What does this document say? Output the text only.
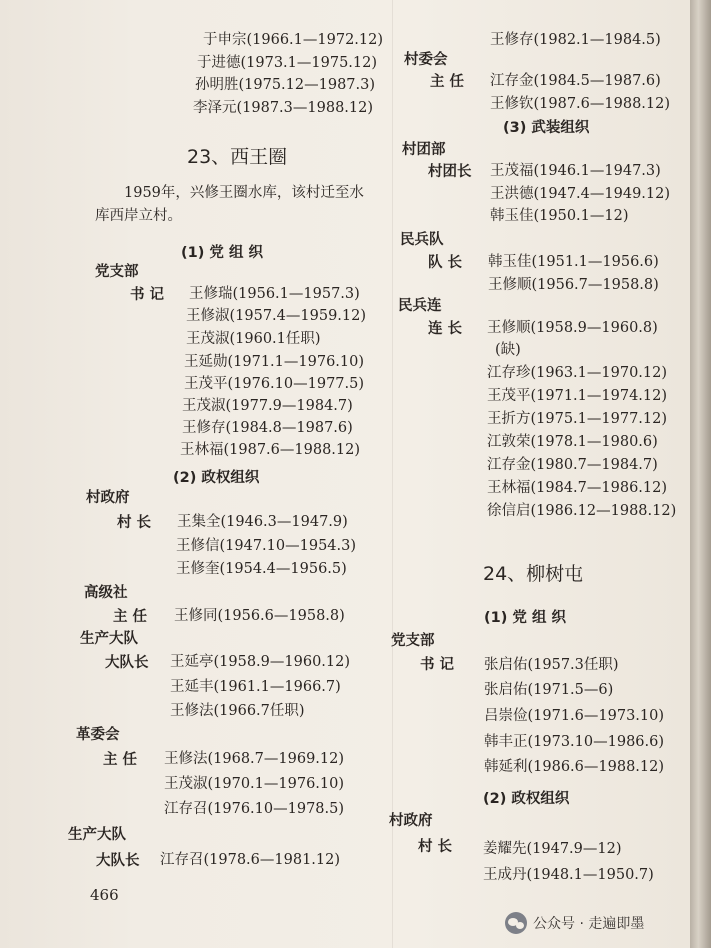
于申宗(1966.1—1972.12)
于进德(1973.1—1975.12)
孙明胜(1975.12—1987.3)
李泽元(1987.3—1988.12)
23、西王圈
1959年，兴修王圈水库，该村迁至水
库西岸立村。
(1) 党 组 织
党支部
书 记 王修瑞(1956.1—1957.3)
王修淑(1957.4—1959.12)
王茂淑(1960.1任职)
王延勋(1971.1—1976.10)
王茂平(1976.10—1977.5)
王茂淑(1977.9—1984.7)
王修存(1984.8—1987.6)
王林福(1987.6—1988.12)
(2) 政权组织
村政府
村 长 王集全(1946.3—1947.9)
王修信(1947.10—1954.3)
王修奎(1954.4—1956.5)
高级社
主 任 王修同(1956.6—1958.8)
生产大队
大队长 王延亭(1958.9—1960.12)
王延丰(1961.1—1966.7)
王修法(1966.7任职)
革委会
主 任 王修法(1968.7—1969.12)
王茂淑(1970.1—1976.10)
江存召(1976.10—1978.5)
生产大队
大队长 江存召(1978.6—1981.12)
466
王修存(1982.1—1984.5)
村委会
主 任 江存金(1984.5—1987.6)
王修钦(1987.6—1988.12)
(3) 武装组织
村团部
村团长 王茂福(1946.1—1947.3)
王洪德(1947.4—1949.12)
韩玉佳(1950.1—12)
民兵队
队 长 韩玉佳(1951.1—1956.6)
王修顺(1956.7—1958.8)
民兵连
连 长 王修顺(1958.9—1960.8)
(缺)
江存珍(1963.1—1970.12)
王茂平(1971.1—1974.12)
王折方(1975.1—1977.12)
江敦荣(1978.1—1980.6)
江存金(1980.7—1984.7)
王林福(1984.7—1986.12)
徐信启(1986.12—1988.12)
24、柳树屯
(1) 党 组 织
党支部
书 记 张启佑(1957.3任职)
张启佑(1971.5—6)
吕崇俭(1971.6—1973.10)
韩丰正(1973.10—1986.6)
韩延利(1986.6—1988.12)
(2) 政权组织
村政府
村 长 姜耀先(1947.9—12)
王成丹(1948.1—1950.7)
公众号 · 走遍即墨
